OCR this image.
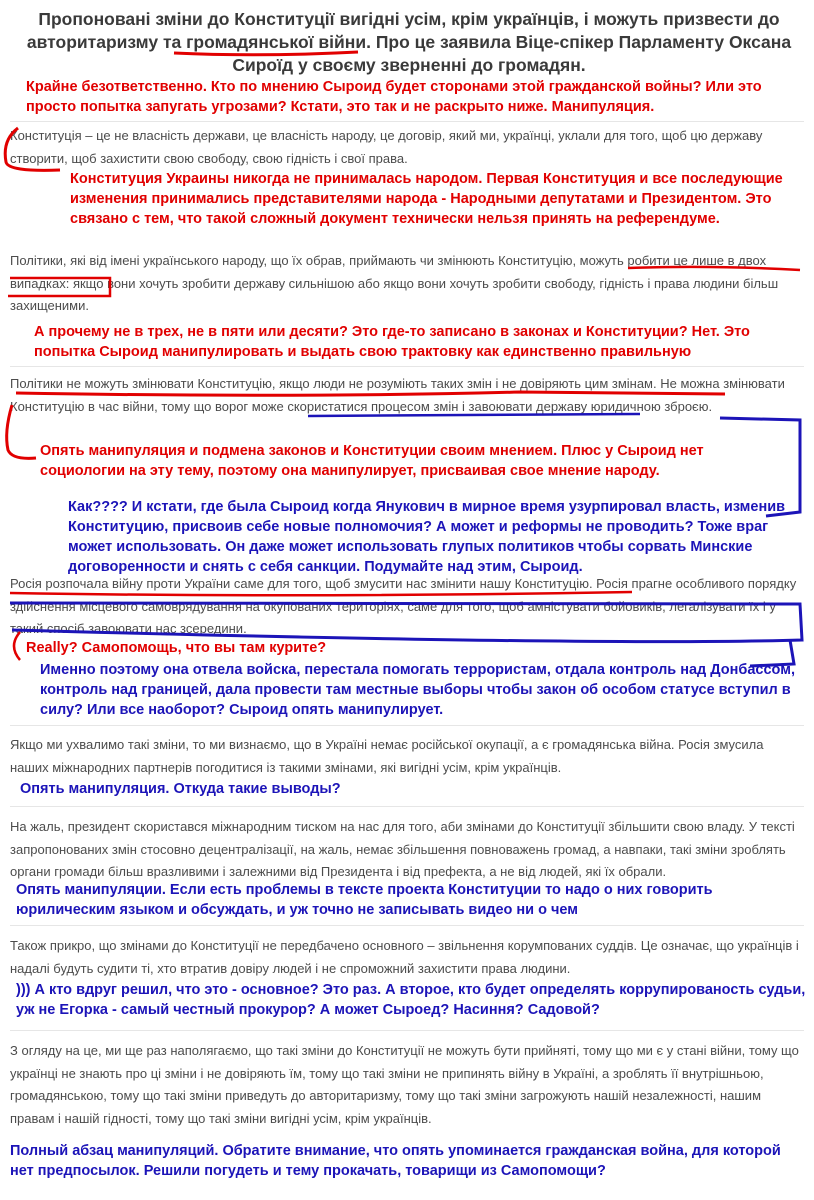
Пропоновані зміни до Конституції вигідні усім, крім українців, і можуть призвести до авторитаризму та громадянської війни. Про це заявила Віце-спікер Парламенту Оксана Сироїд у своєму зверненні до громадян.

Крайне безответственно. Кто по мнению Сыроид будет сторонами этой гражданской войны? Или это просто попытка запугать угрозами? Кстати, это так и не раскрыто ниже. Манипуляция.

Конституція – це не власність держави, це власність народу, це договір, який ми, українці, уклали для того, щоб цю державу створити, щоб захистити свою свободу, свою гідність і свої права.

Конституция Украины никогда не принималась народом. Первая Конституция и все последующие изменения принимались представителями народа - Народными депутатами и Президентом. Это связано с тем, что такой сложный документ технически нельзя принять на референдуме.

Політики, які від імені українського народу, що їх обрав, приймають чи змінюють Конституцію, можуть робити це лише в двох випадках: якщо вони хочуть зробити державу сильнішою або якщо вони хочуть зробити свободу, гідність і права людини більш захищеними.

А прочему не в трех, не в пяти или десяти? Это где-то записано в законах и Конституции? Нет. Это попытка Сыроид манипулировать и выдать свою трактовку как единственно правильную

Політики не можуть змінювати Конституцію, якщо люди не розуміють таких змін і не довіряють цим змінам. Не можна змінювати Конституцію в час війни, тому що ворог може скористатися процесом змін і завоювати державу юридичною зброєю.

Опять манипуляция и подмена законов и Конституции своим мнением. Плюс у Сыроид нет социологии на эту тему, поэтому она манипулирует, присваивая свое мнение народу.

Как???? И кстати, где была Сыроид когда Янукович в мирное время узурпировал власть, изменив Конституцию, присвоив себе новые полномочия? А может и реформы не проводить? Тоже враг может использовать. Он даже может использовать глупых политиков чтобы сорвать Минские договоренности и снять с себя санкции. Подумайте над этим, Сыроид.

Росія розпочала війну проти України саме для того, щоб змусити нас змінити нашу Конституцію. Росія прагне особливого порядку здійснення місцевого самоврядування на окупованих територіях, саме для того, щоб амністувати бойовиків, легалізувати їх і у такий спосіб завоювати нас зсередини.

Really? Самопомощь, что вы там курите?

Именно поэтому она отвела войска, перестала помогать террористам, отдала контроль над Донбассом, контроль над границей, дала провести там местные выборы чтобы закон об особом статусе вступил в силу? Или все наоборот? Сыроид опять манипулирует.

Якщо ми ухвалимо такі зміни, то ми визнаємо, що в Україні немає російської окупації, а є громадянська війна. Росія змусила наших міжнародних партнерів погодитися із такими змінами, які вигідні усім, крім українців.

Опять манипуляция. Откуда такие выводы?

На жаль, президент скористався міжнародним тиском на нас для того, аби змінами до Конституції збільшити свою владу. У тексті запропонованих змін стосовно децентралізації, на жаль, немає збільшення повноважень громад, а навпаки, такі зміни зроблять органи громади більш вразливими і залежними від Президента і від префекта, а не від людей, які їх обрали.

Опять манипуляции. Если есть проблемы в тексте проекта Конституции то надо о них говорить юрилическим языком и обсуждать, и уж точно не записывать видео ни о чем

Також прикро, що змінами до Конституції не передбачено основного – звільнення корумпованих суддів. Це означає, що українців і надалі будуть судити ті, хто втратив довіру людей і не спроможний захистити права людини.

))) А кто вдруг решил, что это - основное? Это раз. А второе, кто будет определять коррупированость судьи, уж не Егорка - самый честный прокурор? А может Сыроед? Насиння? Садовой?

З огляду на це, ми ще раз наполягаємо, що такі зміни до Конституції не можуть бути прийняті, тому що ми є у стані війни, тому що українці не знають про ці зміни і не довіряють їм, тому що такі зміни не припинять війну в Україні, а зроблять її внутрішньою, громадянською, тому що такі зміни приведуть до авторитаризму, тому що такі зміни загрожують нашій незалежності, нашим правам і нашій гідності, тому що такі зміни вигідні усім, крім українців.

Полный абзац манипуляций. Обратите внимание, что опять упоминается гражданская война, для которой нет предпосылок. Решили погудеть и тему прокачать, товарищи из Самопомощи?
